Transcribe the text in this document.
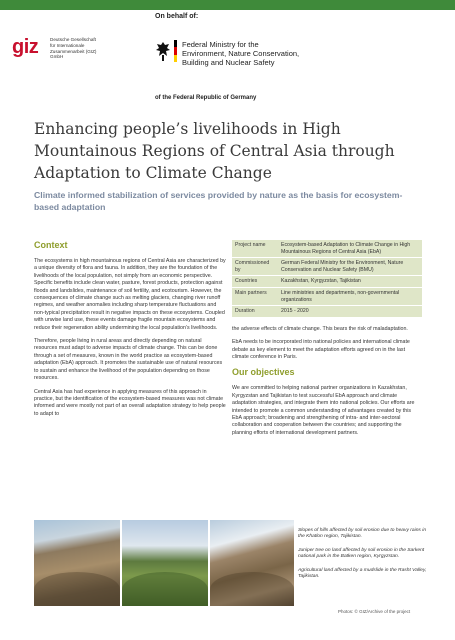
giz	Deutsche Gesellschaft
für Internationale
Zusammenarbeit (GIZ) GmbH
On behalf of:
Federal Ministry for the
Environment, Nature Conservation,
Building and Nuclear Safety
of the Federal Republic of Germany
Enhancing people’s livelihoods in High Mountainous Regions of Central Asia through Adaptation to Climate Change
Climate informed stabilization of services provided by nature as the basis for ecosystem-based adaptation
Context

The ecosystems in high mountainous regions of Central Asia are characterized by a unique diversity of flora and fauna. In addition, they are the foundation of the livelihoods of the local population, not simply from an economic perspective. Specific benefits include clean water, pasture, forest products, protection against floods and landslides, maintenance of soil fertility, and ecotourism. However, the consequences of climate change such as melting glaciers, changing river runoff regimes, and weather anomalies including sharp temperature fluctuations and non-typical precipitation result in negative impacts on these ecosystems. Coupled with unwise land use, these events damage fragile mountain ecosystems and reduce their regeneration ability undermining the local population’s livelihoods.

Therefore, people living in rural areas and directly depending on natural resources must adapt to adverse impacts of climate change. This can be done through a set of measures, known in the world practice as ecosystem-based adaptation (EbA) approach. It promotes the sustainable use of natural resources to sustain and enhance the livelihood of the population depending on those resources.

Central Asia has had experience in applying measures of this approach in practice, but the identification of the ecosystem-based measures was not climate informed and were mostly not part of an overall adaptation strategy to help people to adapt to

Project name	Ecosystem-based Adaptation to Climate Change in High Mountainous Regions of Central Asia (EbA)
Commissioned by	German Federal Ministry for the Environment, Nature Conservation and Nuclear Safety (BMU)
Countries	Kazakhstan, Kyrgyzstan, Tajikistan
Main partners	Line ministries and departments, non-governmental organizations
Duration	2015 - 2020

the adverse effects of climate change. This bears the risk of maladaptation.

EbA needs to be incorporated into national policies and international climate debate as key element to meet the adaptation efforts agreed on in the last climate conference in Paris.

Our objectives

We are committed to helping national partner organizations in Kazakhstan, Kyrgyzstan and Tajikistan to test successful EbA approach and climate adaptation strategies, and integrate them into national policies. Our efforts are intended to promote a common understanding of advantages created by this EbA approach; broadening and strengthening of intra- and inter-sectoral collaboration and cooperation between the countries; and supporting the planning efforts of international development partners.

Slopes of hills affected by soil erosion due to heavy rains in the Khatlon region, Tajikistan.

Juniper tree on land affected by soil erosion in the Sarkent national park in the Batken region, Kyrgyzstan.

Agricultural land affected by a mudslide in the Rasht Valley, Tajikistan.

Photos: © GIZ/Archive of the project
